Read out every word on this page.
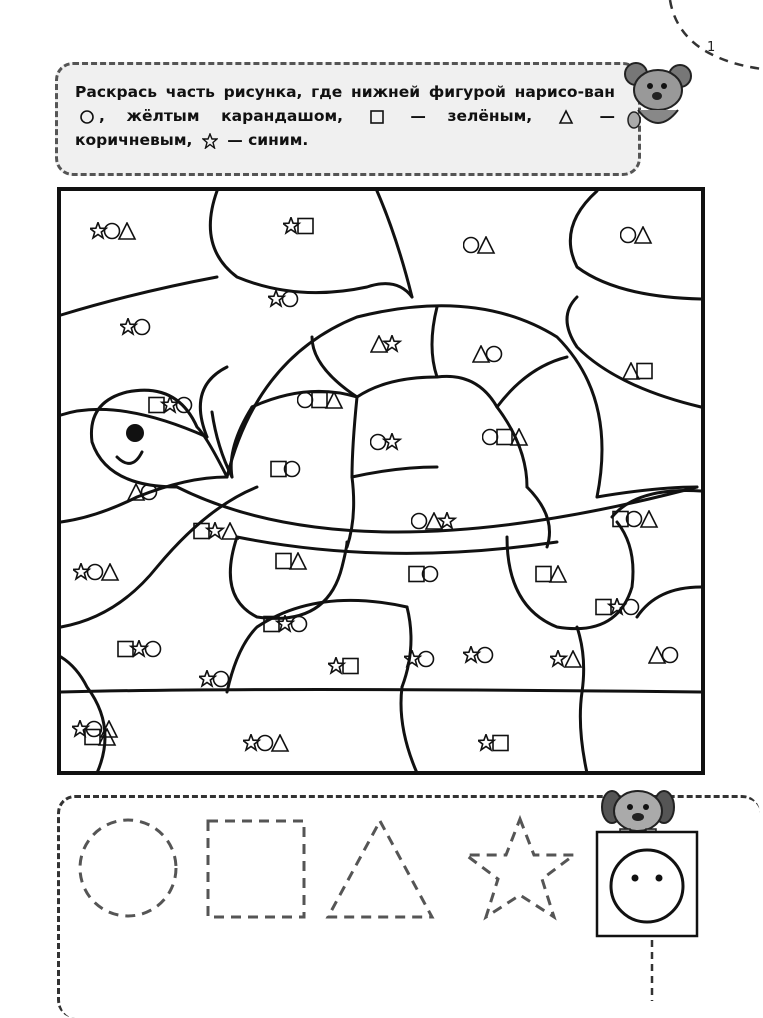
1
Раскрась часть рисунка, где нижней фигурой нарисо-ван , жёлтым карандашом,	— зелёным,	— коричневым, — синим.
